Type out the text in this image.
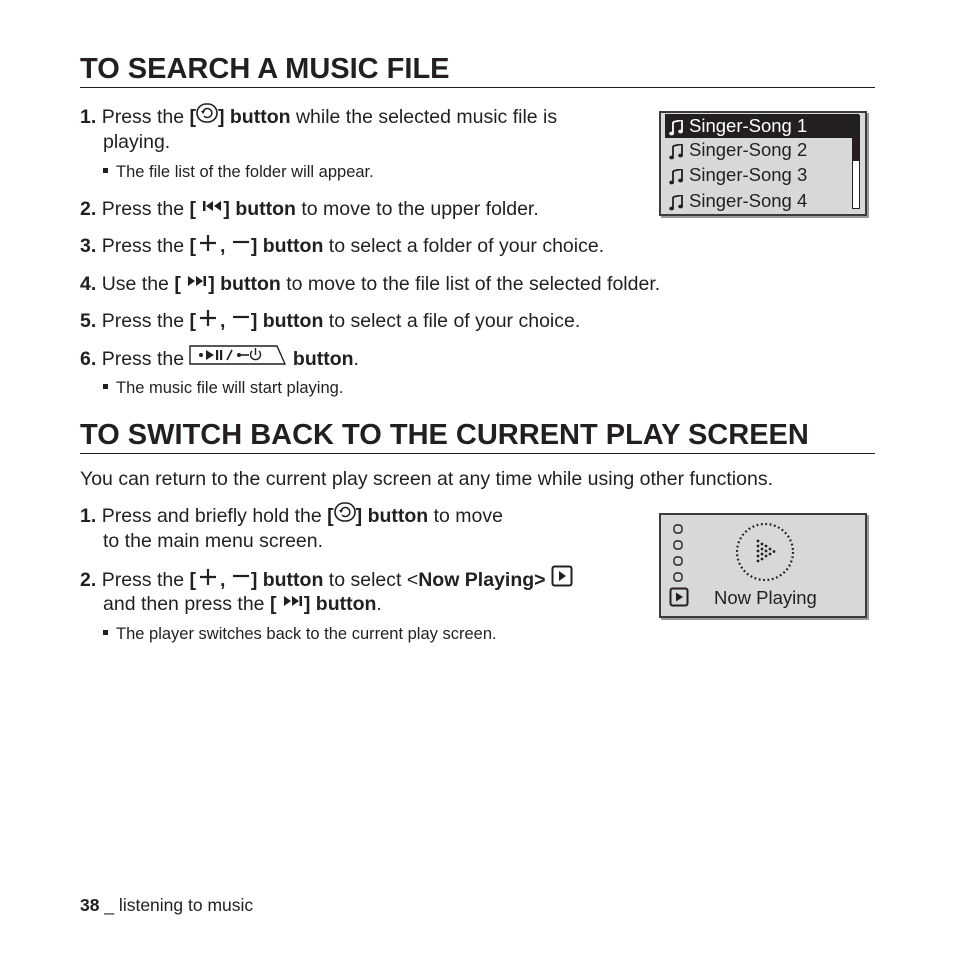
TO SEARCH A MUSIC FILE
1. Press the [ ] button while the selected music file is
playing.
The file list of the folder will appear.
2. Press the [ ] button to move to the upper folder.
3. Press the [ , ] button to select a folder of your choice.
4. Use the [ ] button to move to the file list of the selected folder.
5. Press the [ , ] button to select a file of your choice.
6. Press the	button.
The music file will start playing.
Singer-Song 1
Singer-Song 2
Singer-Song 3
Singer-Song 4
TO SWITCH BACK TO THE CURRENT PLAY SCREEN
You can return to the current play screen at any time while using other functions.
1. Press and briefly hold the [ ] button to move
to the main menu screen.
2. Press the [ , ] button to select <Now Playing>
and then press the [ ] button.
The player switches back to the current play screen.
Now Playing
38 _ listening to music
